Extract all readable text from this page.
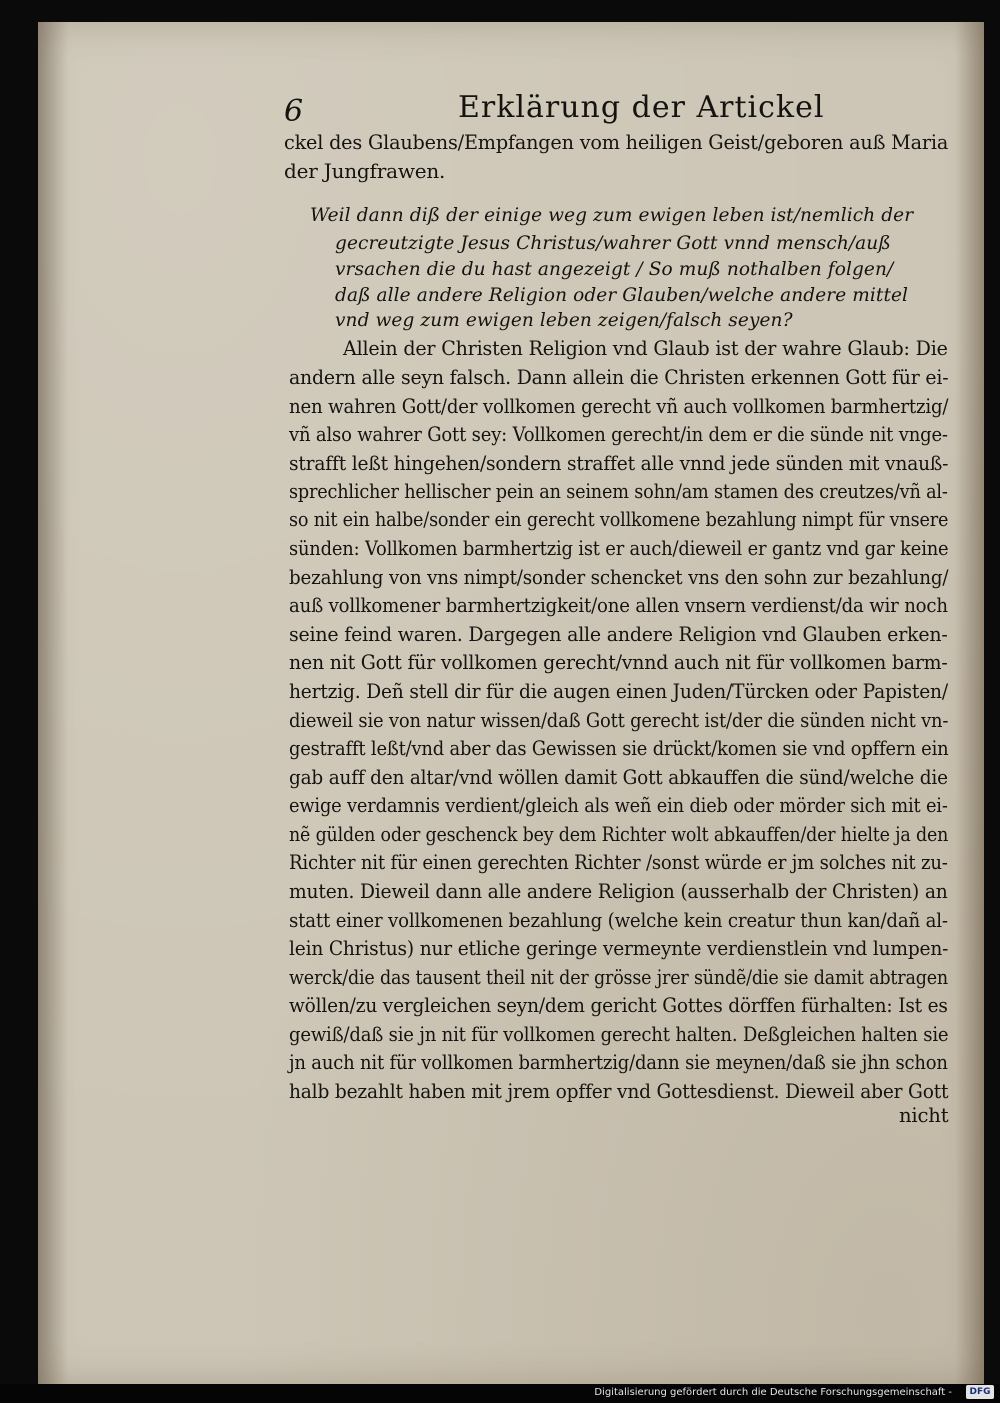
6	Erklärung der Artickel
ckel des Glaubens/Empfangen vom heiligen Geist/geboren auß Maria
der Jungfrawen.
Weil dann diß der einige weg zum ewigen leben ist/nemlich der
gecreutzigte Jesus Christus/wahrer Gott vnnd mensch/auß
vrsachen die du hast angezeigt / So muß nothalben folgen/
daß alle andere Religion oder Glauben/welche andere mittel
vnd weg zum ewigen leben zeigen/falsch seyen?
Allein der Christen Religion vnd Glaub ist der wahre Glaub: Die
andern alle seyn falsch. Dann allein die Christen erkennen Gott für ei-
nen wahren Gott/der vollkomen gerecht vñ auch vollkomen barmhertzig/
vñ also wahrer Gott sey: Vollkomen gerecht/in dem er die sünde nit vnge-
strafft leßt hingehen/sondern straffet alle vnnd jede sünden mit vnauß-
sprechlicher hellischer pein an seinem sohn/am stamen des creutzes/vñ al-
so nit ein halbe/sonder ein gerecht vollkomene bezahlung nimpt für vnsere
sünden: Vollkomen barmhertzig ist er auch/dieweil er gantz vnd gar keine
bezahlung von vns nimpt/sonder schencket vns den sohn zur bezahlung/
auß vollkomener barmhertzigkeit/one allen vnsern verdienst/da wir noch
seine feind waren. Dargegen alle andere Religion vnd Glauben erken-
nen nit Gott für vollkomen gerecht/vnnd auch nit für vollkomen barm-
hertzig. Deñ stell dir für die augen einen Juden/Türcken oder Papisten/
dieweil sie von natur wissen/daß Gott gerecht ist/der die sünden nicht vn-
gestrafft leßt/vnd aber das Gewissen sie drückt/komen sie vnd opffern ein
gab auff den altar/vnd wöllen damit Gott abkauffen die sünd/welche die
ewige verdamnis verdient/gleich als weñ ein dieb oder mörder sich mit ei-
nẽ gülden oder geschenck bey dem Richter wolt abkauffen/der hielte ja den
Richter nit für einen gerechten Richter /sonst würde er jm solches nit zu-
muten. Dieweil dann alle andere Religion (ausserhalb der Christen) an
statt einer vollkomenen bezahlung (welche kein creatur thun kan/dañ al-
lein Christus) nur etliche geringe vermeynte verdienstlein vnd lumpen-
werck/die das tausent theil nit der grösse jrer sündẽ/die sie damit abtragen
wöllen/zu vergleichen seyn/dem gericht Gottes dörffen fürhalten: Ist es
gewiß/daß sie jn nit für vollkomen gerecht halten. Deßgleichen halten sie
jn auch nit für vollkomen barmhertzig/dann sie meynen/daß sie jhn schon
halb bezahlt haben mit jrem opffer vnd Gottesdienst. Dieweil aber Gott
nicht
Digitalisierung gefördert durch die Deutsche Forschungsgemeinschaft -	DFG
